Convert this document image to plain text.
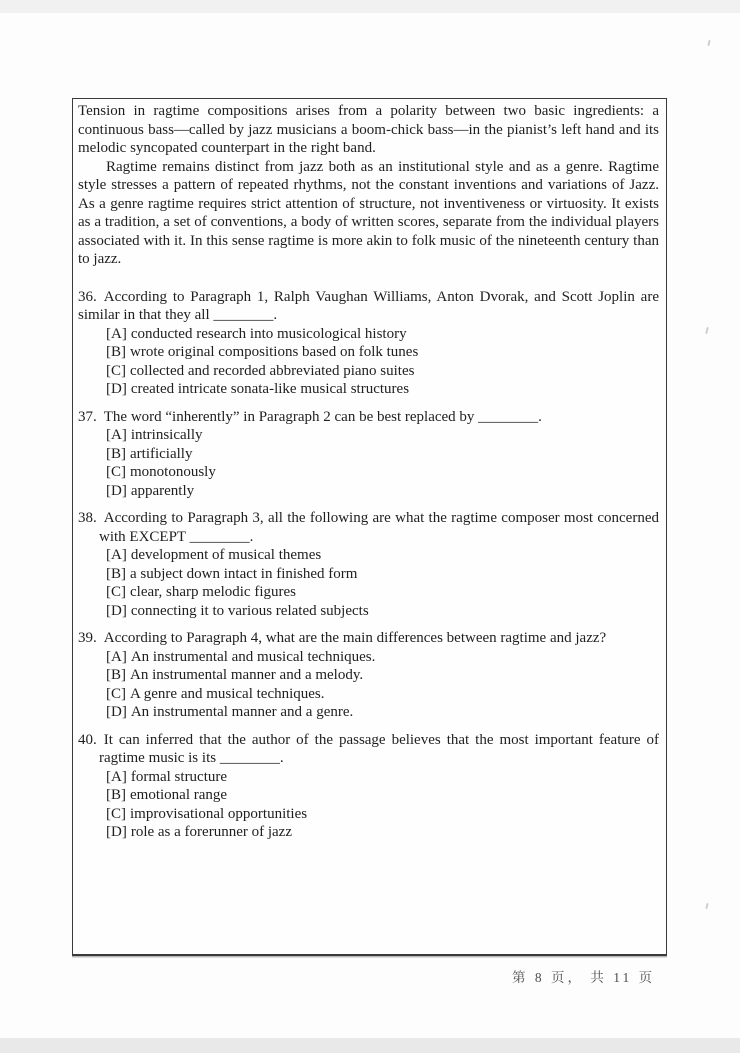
Tension in ragtime compositions arises from a polarity between two basic ingredients: a continuous bass—called by jazz musicians a boom-chick bass—in the pianist’s left hand and its melodic syncopated counterpart in the right band.

Ragtime remains distinct from jazz both as an institutional style and as a genre. Ragtime style stresses a pattern of repeated rhythms, not the constant inventions and variations of Jazz. As a genre ragtime requires strict attention of structure, not inventiveness or virtuosity. It exists as a tradition, a set of conventions, a body of written scores, separate from the individual players associated with it. In this sense ragtime is more akin to folk music of the nineteenth century than to jazz.

36. According to Paragraph 1, Ralph Vaughan Williams, Anton Dvorak, and Scott Joplin are similar in that they all ________.
[A] conducted research into musicological history
[B] wrote original compositions based on folk tunes
[C] collected and recorded abbreviated piano suites
[D] created intricate sonata-like musical structures
37. The word “inherently” in Paragraph 2 can be best replaced by ________.
[A] intrinsically
[B] artificially
[C] monotonously
[D] apparently
38. According to Paragraph 3, all the following are what the ragtime composer most concerned with EXCEPT ________.
[A] development of musical themes
[B] a subject down intact in finished form
[C] clear, sharp melodic figures
[D] connecting it to various related subjects
39. According to Paragraph 4, what are the main differences between ragtime and jazz?
[A] An instrumental and musical techniques.
[B] An instrumental manner and a melody.
[C] A genre and musical techniques.
[D] An instrumental manner and a genre.
40. It can inferred that the author of the passage believes that the most important feature of ragtime music is its ________.
[A] formal structure
[B] emotional range
[C] improvisational opportunities
[D] role as a forerunner of jazz
第 8 页， 共 11 页
